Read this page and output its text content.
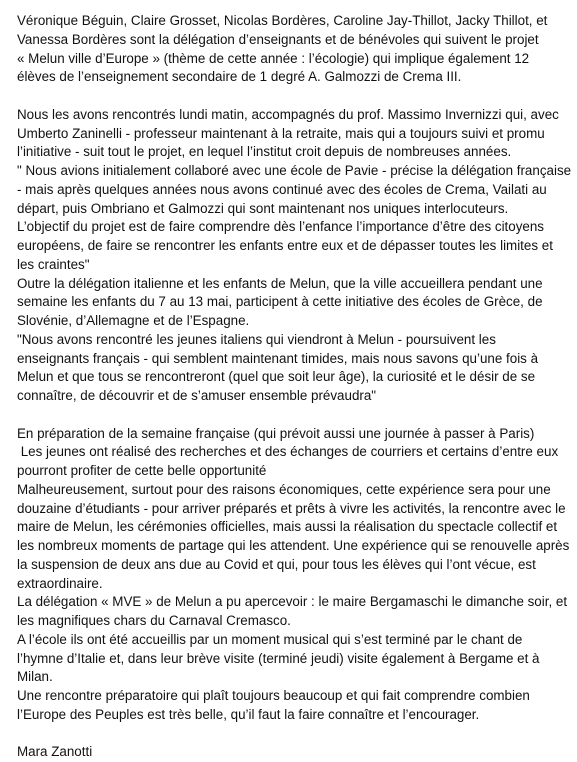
Véronique Béguin, Claire Grosset, Nicolas Bordères, Caroline Jay-Thillot, Jacky Thillot, et
Vanessa Bordères sont la délégation d’enseignants et de bénévoles qui suivent le projet
« Melun ville d’Europe » (thème de cette année : l’écologie) qui implique également 12
élèves de l’enseignement secondaire de 1 degré A. Galmozzi de Crema III.
Nous les avons rencontrés lundi matin, accompagnés du prof. Massimo Invernizzi qui, avec
Umberto Zaninelli - professeur maintenant à la retraite, mais qui a toujours suivi et promu
l’initiative - suit tout le projet, en lequel l’institut croit depuis de nombreuses années.
" Nous avions initialement collaboré avec une école de Pavie - précise la délégation française
- mais après quelques années nous avons continué avec des écoles de Crema, Vailati au
départ, puis Ombriano et Galmozzi qui sont maintenant nos uniques interlocuteurs.
L’objectif du projet est de faire comprendre dès l’enfance l’importance d’être des citoyens
européens, de faire se rencontrer les enfants entre eux et de dépasser toutes les limites et
les craintes"
Outre la délégation italienne et les enfants de Melun, que la ville accueillera pendant une
semaine les enfants du 7 au 13 mai, participent à cette initiative des écoles de Grèce, de
Slovénie, d’Allemagne et de l’Espagne.
"Nous avons rencontré les jeunes italiens qui viendront à Melun - poursuivent les
enseignants français - qui semblent maintenant timides, mais nous savons qu’une fois à
Melun et que tous se rencontreront (quel que soit leur âge), la curiosité et le désir de se
connaître, de découvrir et de s’amuser ensemble prévaudra"
En préparation de la semaine française (qui prévoit aussi une journée à passer à Paris)
Les jeunes ont réalisé des recherches et des échanges de courriers et certains d’entre eux
pourront profiter de cette belle opportunité
Malheureusement, surtout pour des raisons économiques, cette expérience sera pour une
douzaine d’étudiants - pour arriver préparés et prêts à vivre les activités, la rencontre avec le
maire de Melun, les cérémonies officielles, mais aussi la réalisation du spectacle collectif et
les nombreux moments de partage qui les attendent. Une expérience qui se renouvelle après
la suspension de deux ans due au Covid et qui, pour tous les élèves qui l’ont vécue, est
extraordinaire.
La délégation « MVE » de Melun a pu apercevoir : le maire Bergamaschi le dimanche soir, et
les magnifiques chars du Carnaval Cremasco.
A l’école ils ont été accueillis par un moment musical qui s’est terminé par le chant de
l’hymne d’Italie et, dans leur brève visite (terminé jeudi) visite également à Bergame et à
Milan.
Une rencontre préparatoire qui plaît toujours beaucoup et qui fait comprendre combien
l’Europe des Peuples est très belle, qu’il faut la faire connaître et l’encourager.
Mara Zanotti
